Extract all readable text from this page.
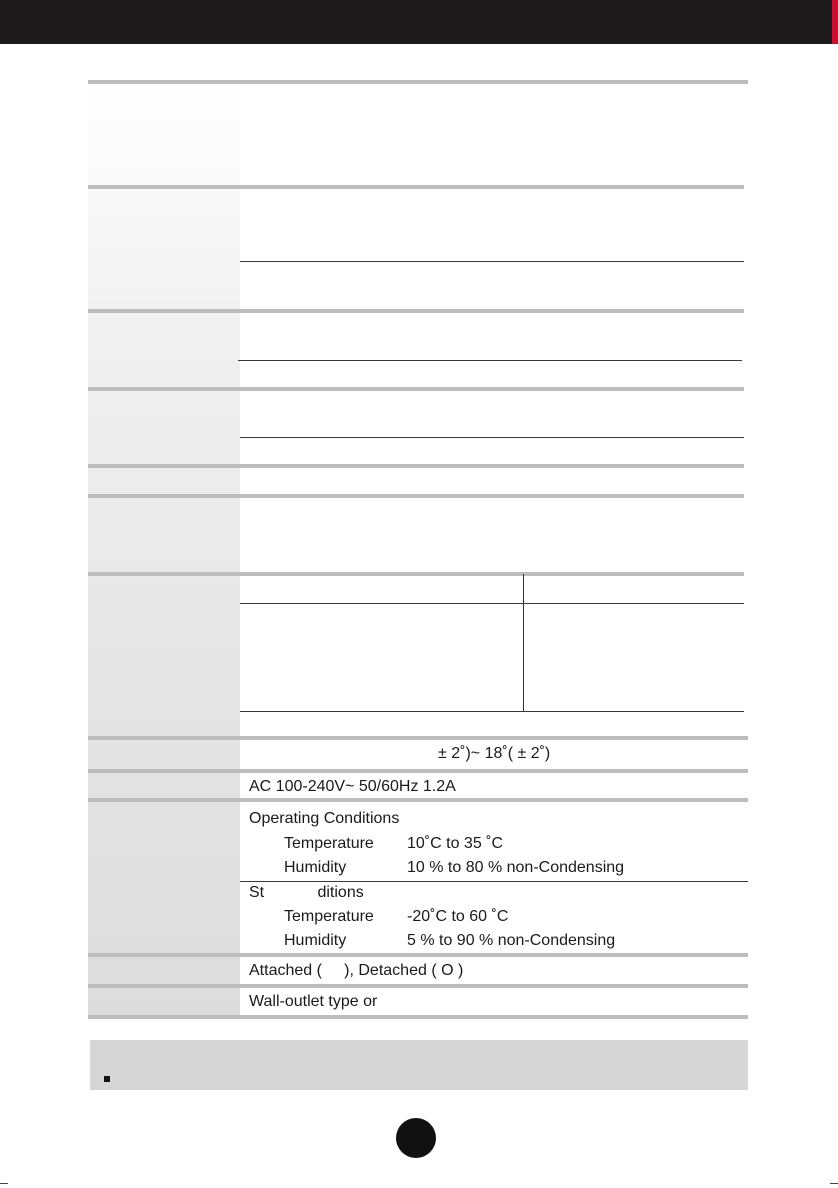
± 2˚)~ 18˚( ± 2˚)
AC 100-240V~ 50/60Hz 1.2A
Operating Conditions
Temperature 10˚C to 35 ˚C
Humidity	10 % to 80 % non-Condensing
St            ditions
Temperature -20˚C to 60 ˚C
Humidity	5 % to 90 % non-Condensing
Attached (     ), Detached ( O )
Wall-outlet type or
